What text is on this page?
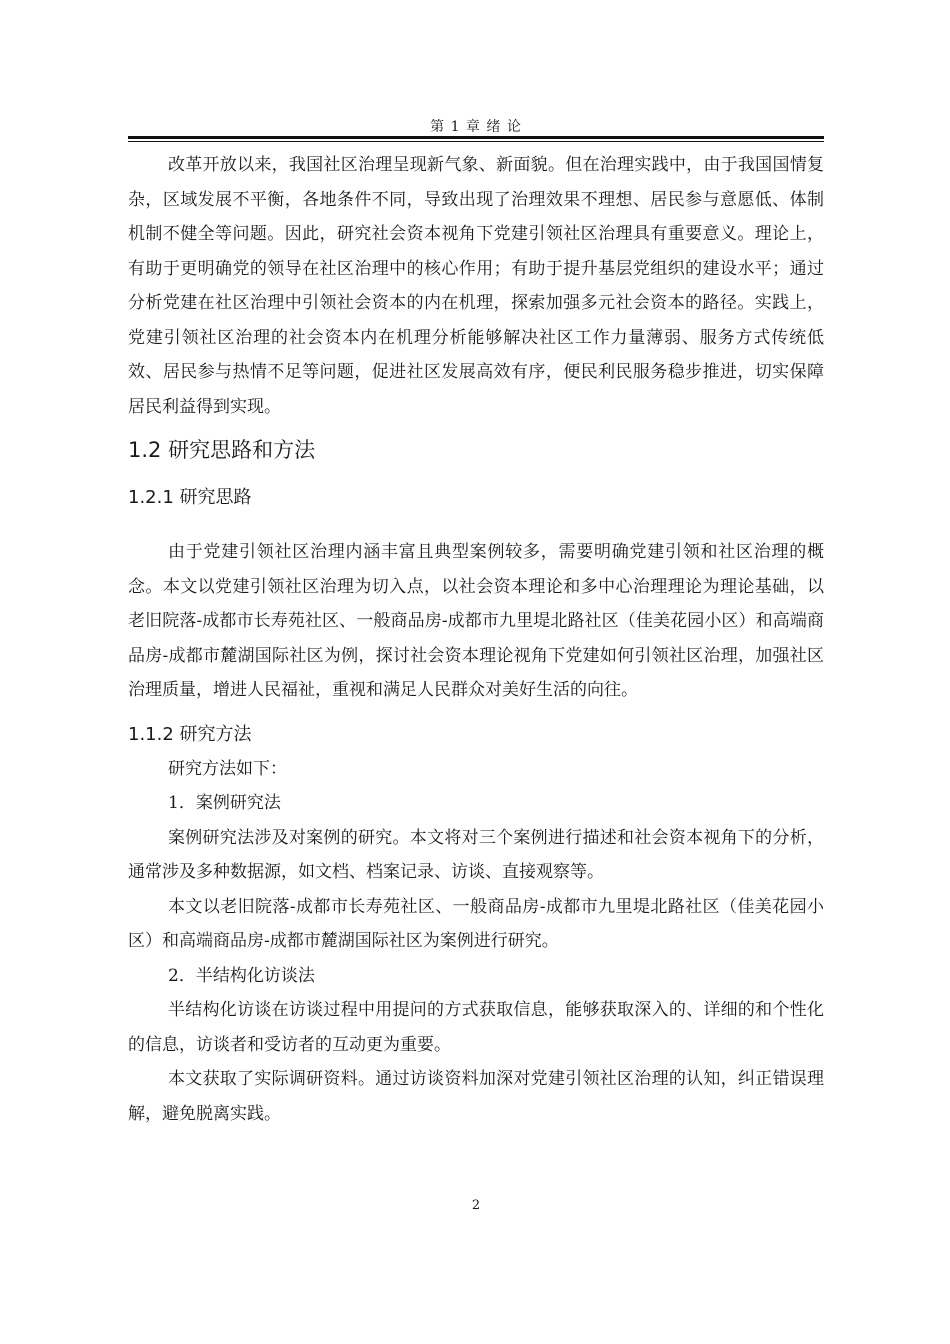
第 1 章 绪 论

改革开放以来，我国社区治理呈现新气象、新面貌。但在治理实践中，由于我国国情复杂，区域发展不平衡，各地条件不同，导致出现了治理效果不理想、居民参与意愿低、体制机制不健全等问题。因此，研究社会资本视角下党建引领社区治理具有重要意义。理论上，有助于更明确党的领导在社区治理中的核心作用；有助于提升基层党组织的建设水平；通过分析党建在社区治理中引领社会资本的内在机理，探索加强多元社会资本的路径。实践上，党建引领社区治理的社会资本内在机理分析能够解决社区工作力量薄弱、服务方式传统低效、居民参与热情不足等问题，促进社区发展高效有序，便民利民服务稳步推进，切实保障居民利益得到实现。

1.2 研究思路和方法
1.2.1 研究思路

由于党建引领社区治理内涵丰富且典型案例较多，需要明确党建引领和社区治理的概念。本文以党建引领社区治理为切入点，以社会资本理论和多中心治理理论为理论基础，以老旧院落-成都市长寿苑社区、一般商品房-成都市九里堤北路社区（佳美花园小区）和高端商品房-成都市麓湖国际社区为例，探讨社会资本理论视角下党建如何引领社区治理，加强社区治理质量，增进人民福祉，重视和满足人民群众对美好生活的向往。

1.1.2 研究方法

研究方法如下：

1．案例研究法

案例研究法涉及对案例的研究。本文将对三个案例进行描述和社会资本视角下的分析，通常涉及多种数据源，如文档、档案记录、访谈、直接观察等。

本文以老旧院落-成都市长寿苑社区、一般商品房-成都市九里堤北路社区（佳美花园小区）和高端商品房-成都市麓湖国际社区为案例进行研究。

2．半结构化访谈法

半结构化访谈在访谈过程中用提问的方式获取信息，能够获取深入的、详细的和个性化的信息，访谈者和受访者的互动更为重要。

本文获取了实际调研资料。通过访谈资料加深对党建引领社区治理的认知，纠正错误理解，避免脱离实践。

2
